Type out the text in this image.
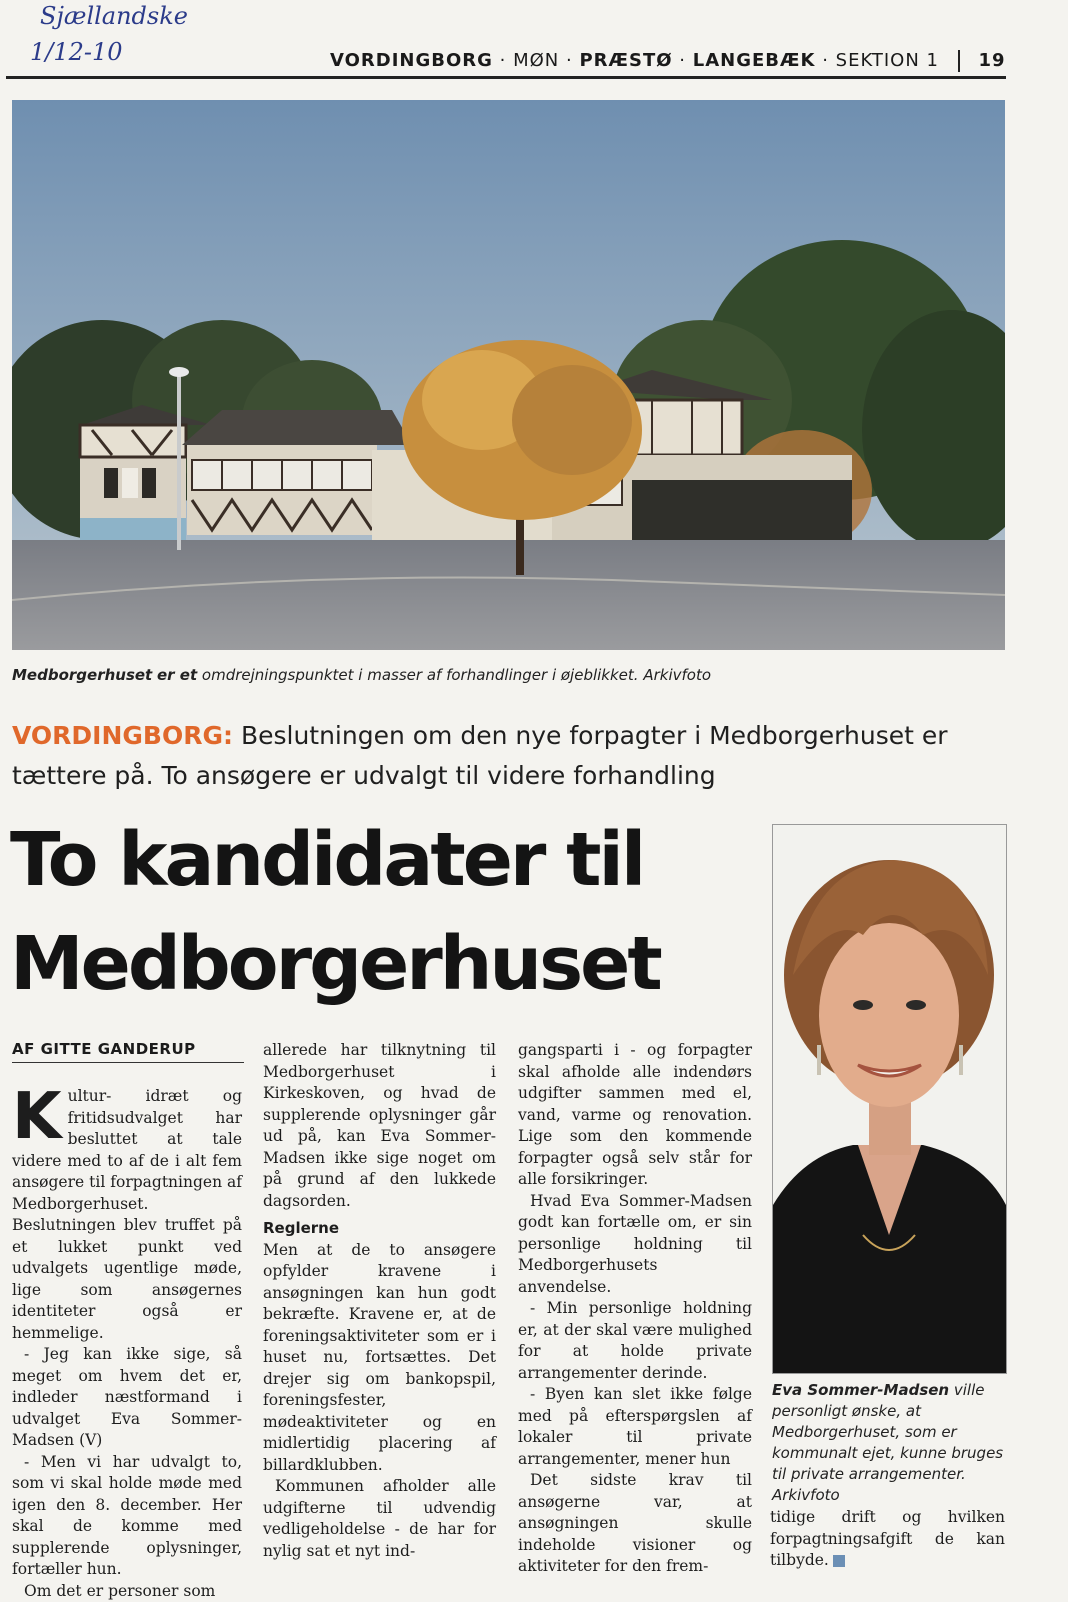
Sjællandske
1/12-10	VORDINGBORG · MØN · PRÆSTØ · LANGEBÆK · SEKTION 1 19
Medborgerhuset er et omdrejningspunktet i masser af forhandlinger i øjeblikket. Arkivfoto
VORDINGBORG: Beslutningen om den nye forpagter i Medborgerhuset er tættere på. To ansøgere er udvalgt til videre forhandling
To kandidater til
Medborgerhuset
AF GITTE GANDERUP

Kultur- idræt og fritidsudvalget har besluttet at tale videre med to af de i alt fem ansøgere til forpagtningen af Medborgerhuset. Beslutningen blev truffet på et lukket punkt ved udvalgets ugentlige møde, lige som ansøgernes identiteter også er hemmelige.

- Jeg kan ikke sige, så meget om hvem det er, indleder næstformand i udvalget Eva Sommer-Madsen (V)

- Men vi har udvalgt to, som vi skal holde møde med igen den 8. december. Her skal de komme med supplerende oplysninger, fortæller hun.

Om det er personer som

allerede har tilknytning til Medborgerhuset i Kirkeskoven, og hvad de supplerende oplysninger går ud på, kan Eva Sommer-Madsen ikke sige noget om på grund af den lukkede dagsorden.

Reglerne

Men at de to ansøgere opfylder kravene i ansøgningen kan hun godt bekræfte. Kravene er, at de foreningsaktiviteter som er i huset nu, fortsættes. Det drejer sig om bankopspil, foreningsfester, mødeaktiviteter og en midlertidig placering af billardklubben.

Kommunen afholder alle udgifterne til udvendig vedligeholdelse - de har for nylig sat et nyt ind-

gangsparti i - og forpagter skal afholde alle indendørs udgifter sammen med el, vand, varme og renovation. Lige som den kommende forpagter også selv står for alle forsikringer.

Hvad Eva Sommer-Madsen godt kan fortælle om, er sin personlige holdning til Medborgerhusets anvendelse.

- Min personlige holdning er, at der skal være mulighed for at holde private arrangementer derinde.

- Byen kan slet ikke følge med på efterspørgslen af lokaler til private arrangementer, mener hun

Det sidste krav til ansøgerne var, at ansøgningen skulle indeholde visioner og aktiviteter for den frem-

Eva Sommer-Madsen ville personligt ønske, at Medborgerhuset, som er kommunalt ejet, kunne bruges til private arrangementer. Arkivfoto

tidige drift og hvilken forpagtningsafgift de kan tilbyde.
